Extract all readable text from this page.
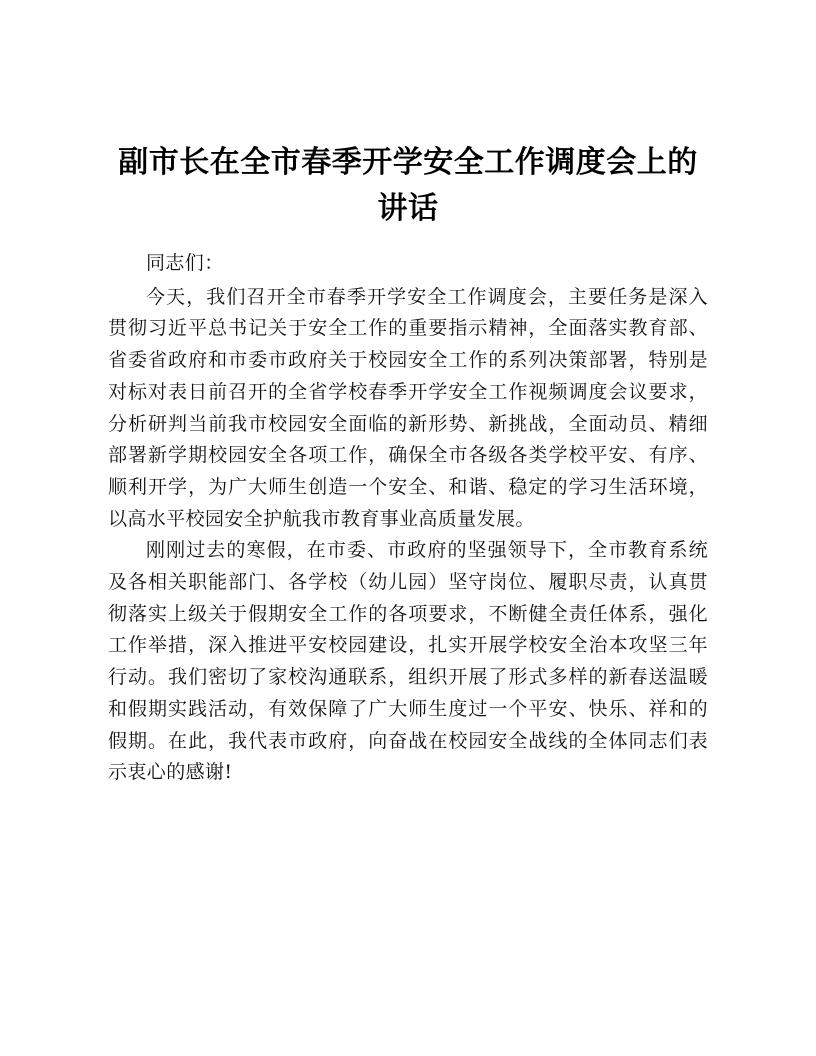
副市长在全市春季开学安全工作调度会上的讲话

同志们：

今天，我们召开全市春季开学安全工作调度会，主要任务是深入贯彻习近平总书记关于安全工作的重要指示精神，全面落实教育部、省委省政府和市委市政府关于校园安全工作的系列决策部署，特别是对标对表日前召开的全省学校春季开学安全工作视频调度会议要求，分析研判当前我市校园安全面临的新形势、新挑战，全面动员、精细部署新学期校园安全各项工作，确保全市各级各类学校平安、有序、顺利开学，为广大师生创造一个安全、和谐、稳定的学习生活环境，以高水平校园安全护航我市教育事业高质量发展。

刚刚过去的寒假，在市委、市政府的坚强领导下，全市教育系统及各相关职能部门、各学校（幼儿园）坚守岗位、履职尽责，认真贯彻落实上级关于假期安全工作的各项要求，不断健全责任体系，强化工作举措，深入推进平安校园建设，扎实开展学校安全治本攻坚三年行动。我们密切了家校沟通联系，组织开展了形式多样的新春送温暖和假期实践活动，有效保障了广大师生度过一个平安、快乐、祥和的假期。在此，我代表市政府，向奋战在校园安全战线的全体同志们表示衷心的感谢!
